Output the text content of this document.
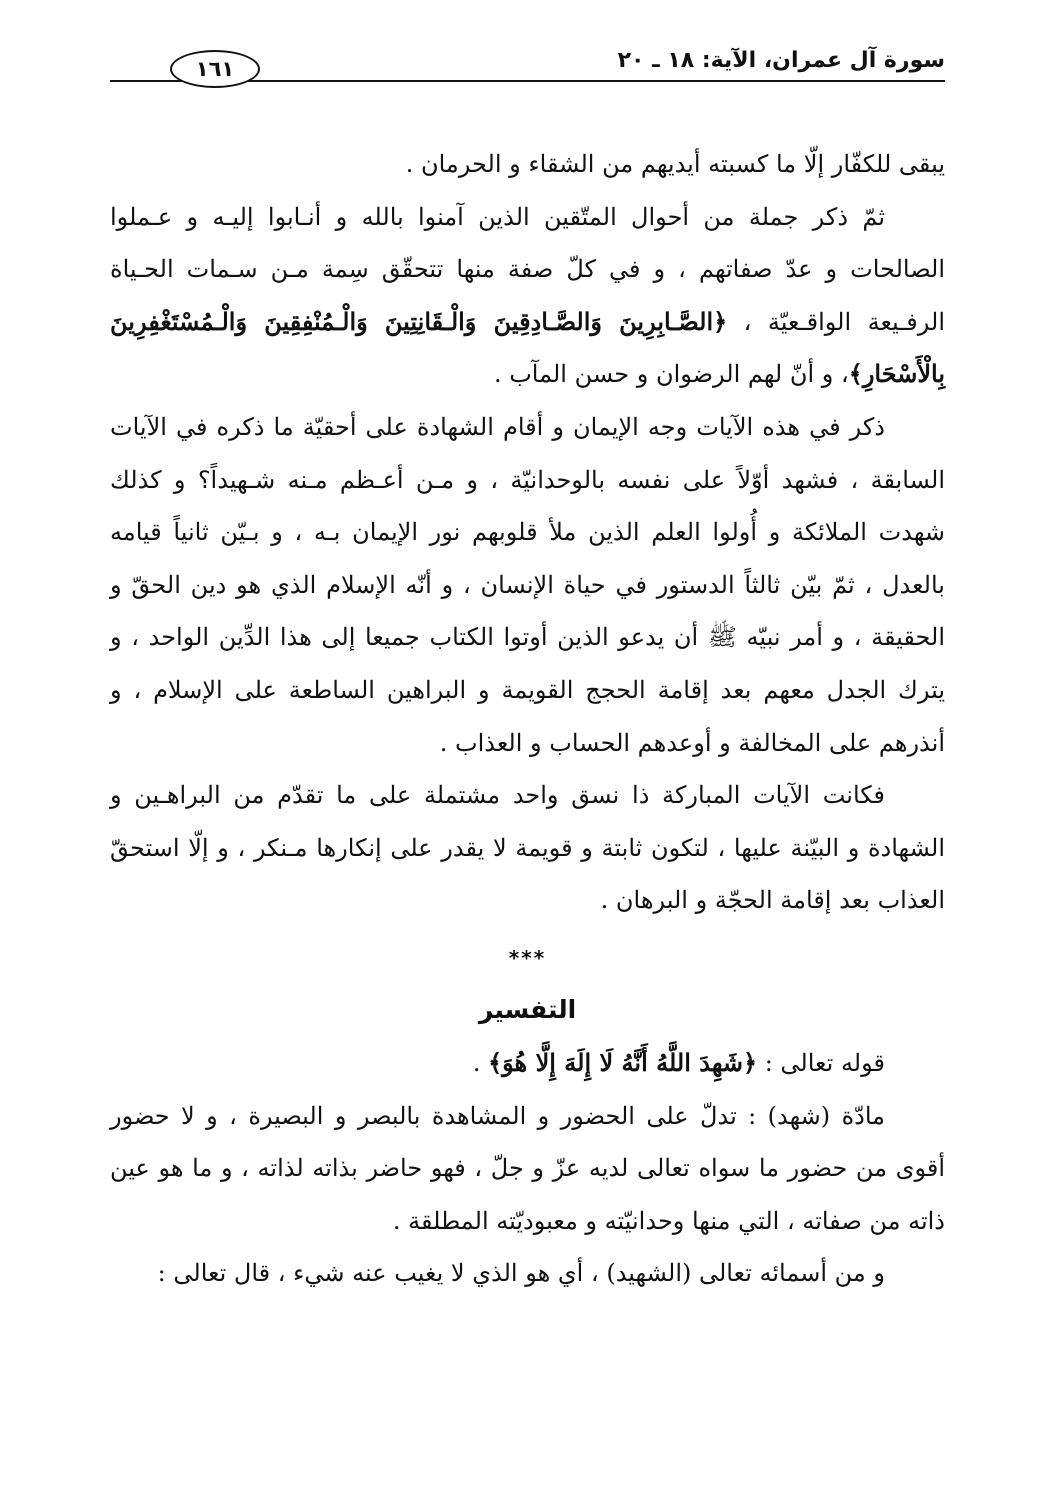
سورة آل عمران، الآية: ١٨ ـ ٢٠
١٦١

يبقى للكفّار إلّا ما كسبته أيديهم من الشقاء و الحرمان .

ثمّ ذكر جملة من أحوال المتّقين الذين آمنوا بالله و أنـابوا إليـه و عـملوا الصالحات و عدّ صفاتهم ، و في كلّ صفة منها تتحقّق سِمة مـن سـمات الحـياة الرفـيعة الواقـعيّة ، ﴿الصَّـابِرِينَ وَالصَّـادِقِينَ وَالْـقَانِتِينَ وَالْـمُنْفِقِينَ وَالْـمُسْتَغْفِرِينَ بِالْأَسْحَارِ﴾، و أنّ لهم الرضوان و حسن المآب .

ذكر في هذه الآيات وجه الإيمان و أقام الشهادة على أحقيّة ما ذكره في الآيات السابقة ، فشهد أوّلاً على نفسه بالوحدانيّة ، و مـن أعـظم مـنه شـهيداً؟ و كذلك شهدت الملائكة و أُولوا العلم الذين ملأ قلوبهم نور الإيمان بـه ، و بـيّن ثانياً قيامه بالعدل ، ثمّ بيّن ثالثاً الدستور في حياة الإنسان ، و أنّه الإسلام الذي هو دين الحقّ و الحقيقة ، و أمر نبيّه ﷺ أن يدعو الذين أوتوا الكتاب جميعا إلى هذا الدِّين الواحد ، و يترك الجدل معهم بعد إقامة الحجج القويمة و البراهين الساطعة على الإسلام ، و أنذرهم على المخالفة و أوعدهم الحساب و العذاب .

فكانت الآيات المباركة ذا نسق واحد مشتملة على ما تقدّم من البراهـين و الشهادة و البيّنة عليها ، لتكون ثابتة و قويمة لا يقدر على إنكارها مـنكر ، و إلّا استحقّ العذاب بعد إقامة الحجّة و البرهان .

***
التفسير

قوله تعالى : ﴿شَهِدَ اللَّهُ أَنَّهُ لَا إِلَهَ إِلَّا هُوَ﴾ .

مادّة (شهد) : تدلّ على الحضور و المشاهدة بالبصر و البصيرة ، و لا حضور أقوى من حضور ما سواه تعالى لديه عزّ و جلّ ، فهو حاضر بذاته لذاته ، و ما هو عين ذاته من صفاته ، التي منها وحدانيّته و معبوديّته المطلقة .

و من أسمائه تعالى (الشهيد) ، أي هو الذي لا يغيب عنه شيء ، قال تعالى :
